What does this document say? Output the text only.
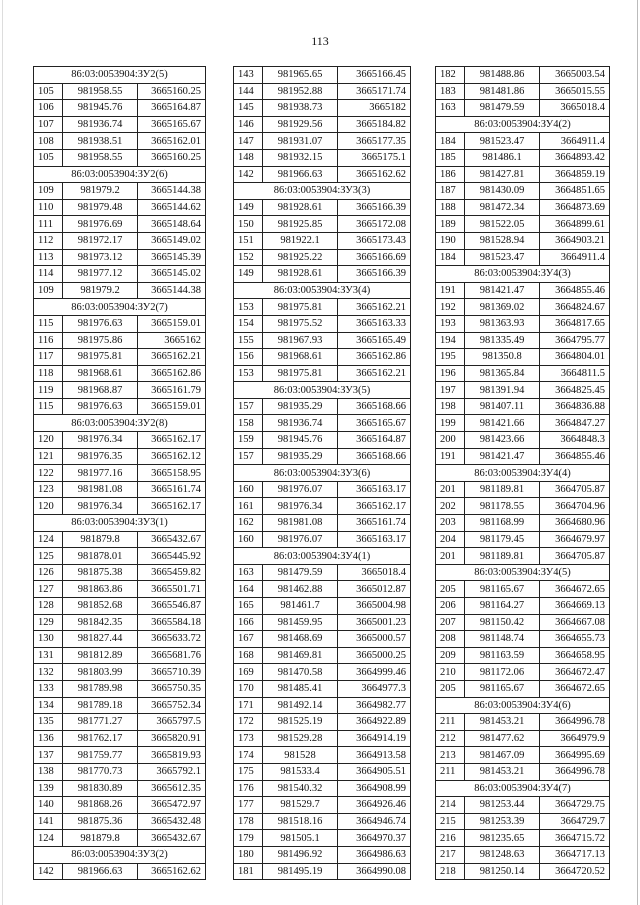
113
86:03:0053904:ЗУ2(5)		
105	981958.55	3665160.25
106	981945.76	3665164.87
107	981936.74	3665165.67
108	981938.51	3665162.01
105	981958.55	3665160.25
86:03:0053904:ЗУ2(6)		
109	981979.2	3665144.38
110	981979.48	3665144.62
111	981976.69	3665148.64
112	981972.17	3665149.02
113	981973.12	3665145.39
114	981977.12	3665145.02
109	981979.2	3665144.38
86:03:0053904:ЗУ2(7)		
115	981976.63	3665159.01
116	981975.86	3665162
117	981975.81	3665162.21
118	981968.61	3665162.86
119	981968.87	3665161.79
115	981976.63	3665159.01
86:03:0053904:ЗУ2(8)		
120	981976.34	3665162.17
121	981976.35	3665162.12
122	981977.16	3665158.95
123	981981.08	3665161.74
120	981976.34	3665162.17
86:03:0053904:ЗУ3(1)		
124	981879.8	3665432.67
125	981878.01	3665445.92
126	981875.38	3665459.82
127	981863.86	3665501.71
128	981852.68	3665546.87
129	981842.35	3665584.18
130	981827.44	3665633.72
131	981812.89	3665681.76
132	981803.99	3665710.39
133	981789.98	3665750.35
134	981789.18	3665752.34
135	981771.27	3665797.5
136	981762.17	3665820.91
137	981759.77	3665819.93
138	981770.73	3665792.1
139	981830.89	3665612.35
140	981868.26	3665472.97
141	981875.36	3665432.48
124	981879.8	3665432.67
86:03:0053904:ЗУ3(2)		
142	981966.63	3665162.62
143	981965.65	3665166.45
144	981952.88	3665171.74
145	981938.73	3665182
146	981929.56	3665184.82
147	981931.07	3665177.35
148	981932.15	3665175.1
142	981966.63	3665162.62
86:03:0053904:ЗУ3(3)		
149	981928.61	3665166.39
150	981925.85	3665172.08
151	981922.1	3665173.43
152	981925.22	3665166.69
149	981928.61	3665166.39
86:03:0053904:ЗУ3(4)		
153	981975.81	3665162.21
154	981975.52	3665163.33
155	981967.93	3665165.49
156	981968.61	3665162.86
153	981975.81	3665162.21
86:03:0053904:ЗУ3(5)		
157	981935.29	3665168.66
158	981936.74	3665165.67
159	981945.76	3665164.87
157	981935.29	3665168.66
86:03:0053904:ЗУ3(6)		
160	981976.07	3665163.17
161	981976.34	3665162.17
162	981981.08	3665161.74
160	981976.07	3665163.17
86:03:0053904:ЗУ4(1)		
163	981479.59	3665018.4
164	981462.88	3665012.87
165	981461.7	3665004.98
166	981459.95	3665001.23
167	981468.69	3665000.57
168	981469.81	3665000.25
169	981470.58	3664999.46
170	981485.41	3664977.3
171	981492.14	3664982.77
172	981525.19	3664922.89
173	981529.28	3664914.19
174	981528	3664913.58
175	981533.4	3664905.51
176	981540.32	3664908.99
177	981529.7	3664926.46
178	981518.16	3664946.74
179	981505.1	3664970.37
180	981496.92	3664986.63
181	981495.19	3664990.08
182	981488.86	3665003.54
183	981481.86	3665015.55
163	981479.59	3665018.4
86:03:0053904:ЗУ4(2)		
184	981523.47	3664911.4
185	981486.1	3664893.42
186	981427.81	3664859.19
187	981430.09	3664851.65
188	981472.34	3664873.69
189	981522.05	3664899.61
190	981528.94	3664903.21
184	981523.47	3664911.4
86:03:0053904:ЗУ4(3)		
191	981421.47	3664855.46
192	981369.02	3664824.67
193	981363.93	3664817.65
194	981335.49	3664795.77
195	981350.8	3664804.01
196	981365.84	3664811.5
197	981391.94	3664825.45
198	981407.11	3664836.88
199	981421.66	3664847.27
200	981423.66	3664848.3
191	981421.47	3664855.46
86:03:0053904:ЗУ4(4)		
201	981189.81	3664705.87
202	981178.55	3664704.96
203	981168.99	3664680.96
204	981179.45	3664679.97
201	981189.81	3664705.87
86:03:0053904:ЗУ4(5)		
205	981165.67	3664672.65
206	981164.27	3664669.13
207	981150.42	3664667.08
208	981148.74	3664655.73
209	981163.59	3664658.95
210	981172.06	3664672.47
205	981165.67	3664672.65
86:03:0053904:ЗУ4(6)		
211	981453.21	3664996.78
212	981477.62	3664979.9
213	981467.09	3664995.69
211	981453.21	3664996.78
86:03:0053904:ЗУ4(7)		
214	981253.44	3664729.75
215	981253.39	3664729.7
216	981235.65	3664715.72
217	981248.63	3664717.13
218	981250.14	3664720.52
